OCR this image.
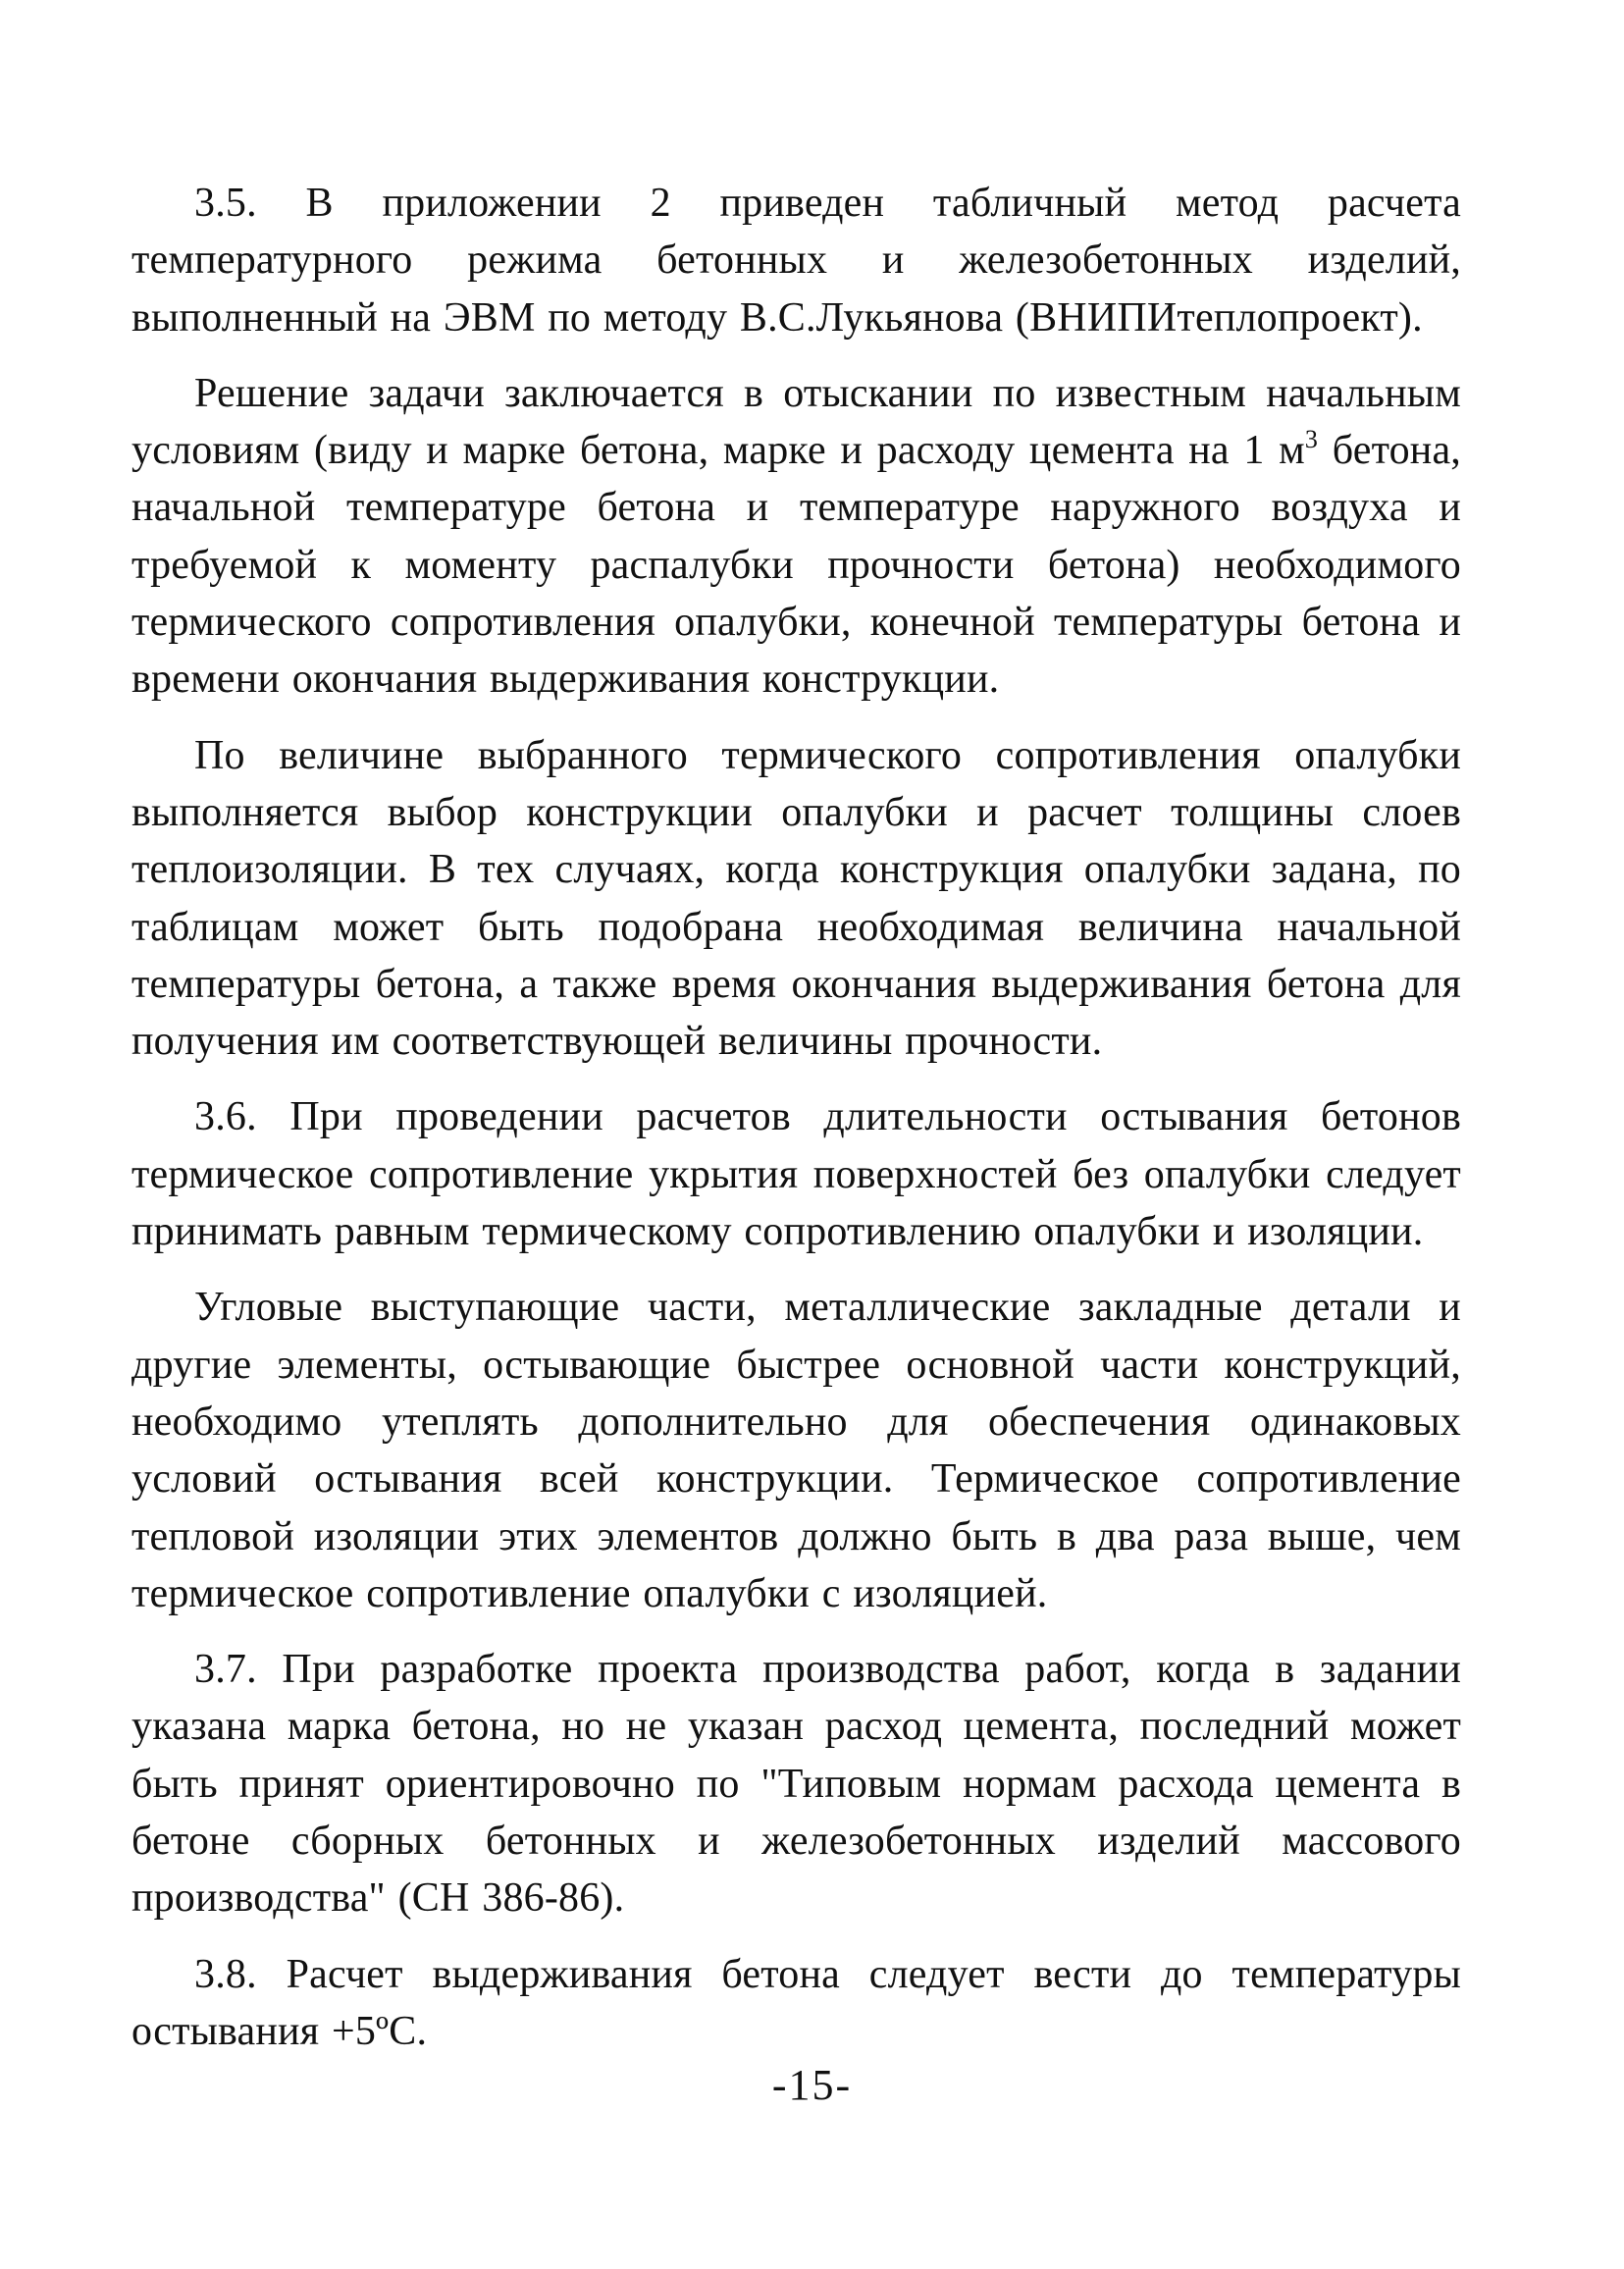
3.5. В приложении 2 приведен табличный метод расчета температурного режима бетонных и железобетонных изделий, выполненный на ЭВМ по методу В.С.Лукьянова (ВНИПИтеплопроект).

Решение задачи заключается в отыскании по известным начальным условиям (виду и марке бетона, марке и расходу цемента на 1 $м^3$ бетона, начальной температуре бетона и температуре наружного воздуха и требуемой к моменту распалубки прочности бетона) необходимого термического сопротивления опалубки, конечной температуры бетона и времени окончания выдерживания конструкции.

По величине выбранного термического сопротивления опалубки выполняется выбор конструкции опалубки и расчет толщины слоев теплоизоляции. В тех случаях, когда конструкция опалубки задана, по таблицам может быть подобрана необходимая величина начальной температуры бетона, а также время окончания выдерживания бетона для получения им соответствующей величины прочности.

3.6. При проведении расчетов длительности остывания бетонов термическое сопротивление укрытия поверхностей без опалубки следует принимать равным термическому сопротивлению опалубки и изоляции.

Угловые выступающие части, металлические закладные детали и другие элементы, остывающие быстрее основной части конструкций, необходимо утеплять дополнительно для обеспечения одинаковых условий остывания всей конструкции. Термическое сопротивление тепловой изоляции этих элементов должно быть в два раза выше, чем термическое сопротивление опалубки с изоляцией.

3.7. При разработке проекта производства работ, когда в задании указана марка бетона, но не указан расход цемента, последний может быть принят ориентировочно по "Типовым нормам расхода цемента в бетоне сборных бетонных и железобетонных изделий массового производства" (СН 386-86).

3.8. Расчет выдерживания бетона следует вести до температуры остывания +5ºС.

-15-
